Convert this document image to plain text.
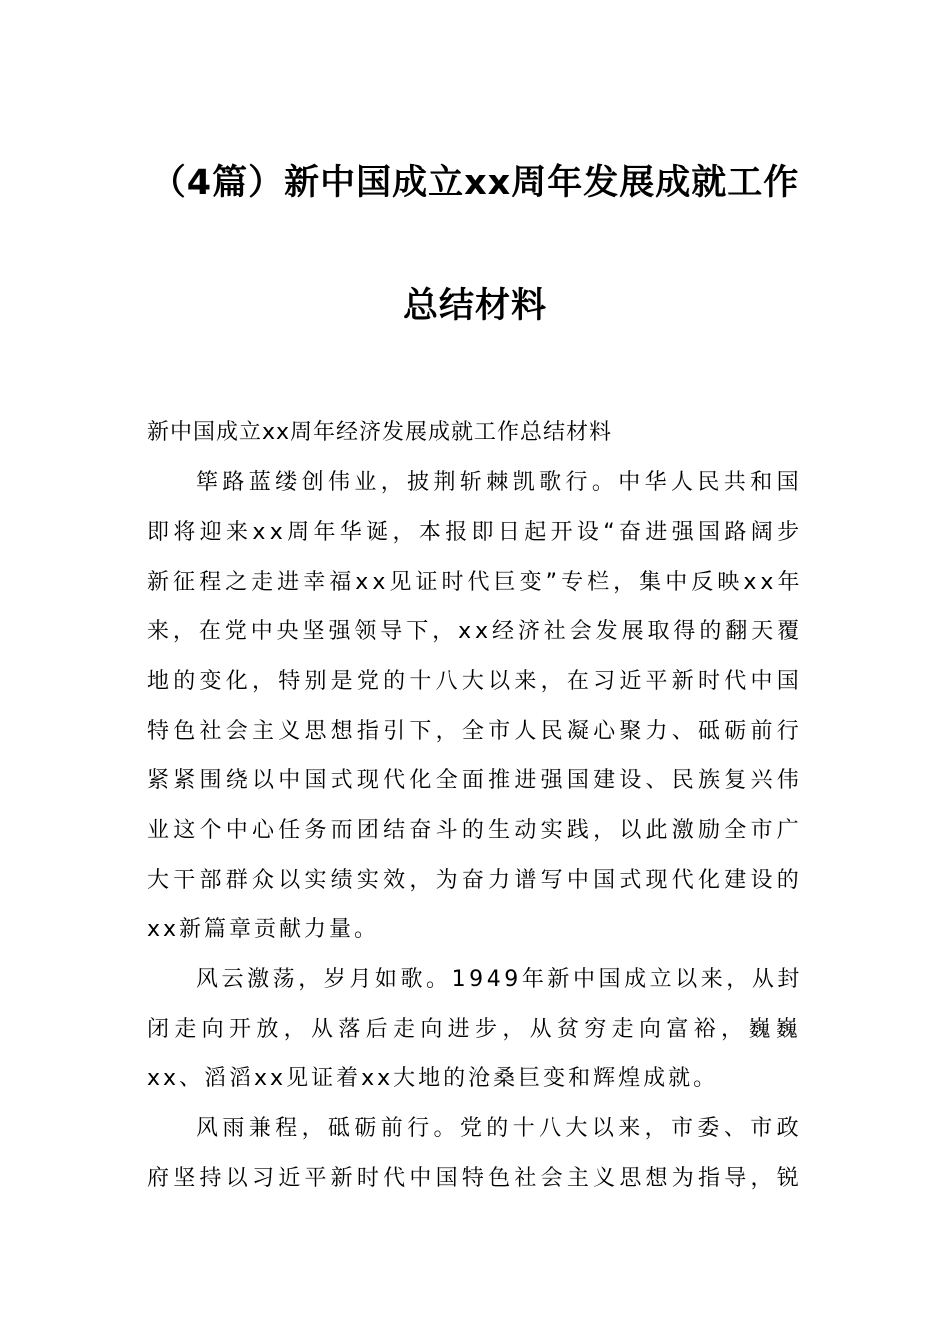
（4篇）新中国成立xx周年发展成就工作
总结材料
新中国成立xx周年经济发展成就工作总结材料
筚路蓝缕创伟业，披荆斩棘凯歌行。中华人民共和国
即将迎来xx周年华诞，本报即日起开设“奋进强国路阔步
新征程之走进幸福xx见证时代巨变”专栏，集中反映xx年
来，在党中央坚强领导下，xx经济社会发展取得的翻天覆
地的变化，特别是党的十八大以来，在习近平新时代中国
特色社会主义思想指引下，全市人民凝心聚力、砥砺前行
紧紧围绕以中国式现代化全面推进强国建设、民族复兴伟
业这个中心任务而团结奋斗的生动实践，以此激励全市广
大干部群众以实绩实效，为奋力谱写中国式现代化建设的
xx新篇章贡献力量。
风云激荡，岁月如歌。1949年新中国成立以来，从封
闭走向开放，从落后走向进步，从贫穷走向富裕，巍巍
xx、滔滔xx见证着xx大地的沧桑巨变和辉煌成就。
风雨兼程，砥砺前行。党的十八大以来，市委、市政
府坚持以习近平新时代中国特色社会主义思想为指导，锐
